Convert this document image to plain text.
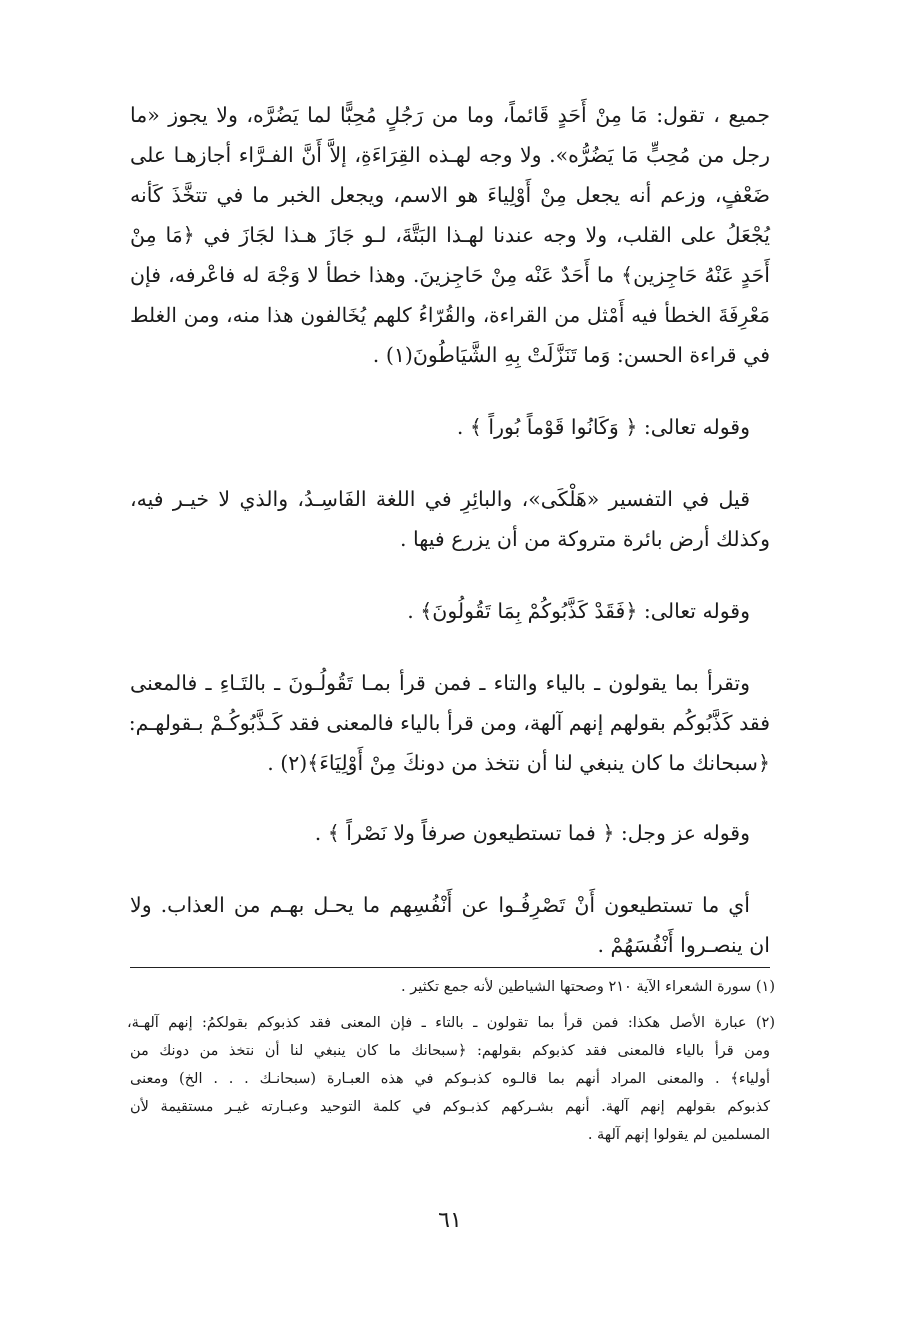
جميع ، تقول: مَا مِنْ أَحَدٍ قَائماً، وما من رَجُلٍ مُحِبًّا لما يَضُرَّه، ولا يجوز «ما
رجل من مُحِبٍّ مَا يَضُرُّه». ولا وجه لهـذه القِرَاءَةِ، إلاَّ أَنَّ الفـرَّاء أجازهـا على
ضَعْفٍ، وزعم أنه يجعل مِنْ أَوْلِياءَ هو الاسم، ويجعل الخبر ما في تتخَّذَ كَأنه
يُجْعَلُ على القلب، ولا وجه عندنا لهـذا البَتَّةَ، لـو جَازَ هـذا لجَازَ في ﴿مَا مِنْ
أَحَدٍ عَنْهُ حَاجِزين﴾ ما أَحَدٌ عَنْه مِنْ حَاجِزينَ. وهذا خطأ لا وَجْهَ له فاعْرفه، فإن
مَعْرِفَةَ الخطأ فيه أَمْثل من القراءة، والقُرّاءُ كلهم يُخَالفون هذا منه، ومن الغلط
في قراءة الحسن: وَما تَنَزَّلَتْ بِهِ الشَّيَاطُونَ(١) .
وقوله تعالى: ﴿ وَكَانُوا قَوْماً بُوراً ﴾ .
قيل في التفسير «هَلْكَى»، والبائِرِ في اللغة الفَاسِـدُ، والذي لا خيـر فيه،
وكذلك أرض بائرة متروكة من أن يزرع فيها .
وقوله تعالى: ﴿فَقَدْ كَذَّبُوكُمْ بِمَا تَقُولُونَ﴾ .
وتقرأ بما يقولون ـ بالياء والتاء ـ فمن قرأ بمـا تَقُولُـونَ ـ بالتَـاءِ ـ فالمعنى
فقد كَذَّبُوكُم بقولهم إنهم آلهة، ومن قرأ بالياء فالمعنى فقد كَـذَّبُوكُـمْ بـقولهـم:
﴿سبحانك ما كان ينبغي لنا أن نتخذ من دونكَ مِنْ أَوْلِيَاءَ﴾(٢) .
وقوله عز وجل: ﴿ فما تستطيعون صرفاً ولا نَصْراً ﴾ .
أي ما تستطيعون أَنْ تَصْرِفُـوا عن أَنْفُسِهم ما يحـل بهـم من العذاب. ولا
ان ينصـروا أَنْفُسَهُمْ .
(١) سورة الشعراء الآية ٢١٠ وصحتها الشياطين لأنه جمع تكثير .
(٢) عبارة الأصل هكذا: فمن قرأ بما تقولون ـ بالتاء ـ فإن المعنى فقد كذبوكم بقولكمُ: إنهم آلهـة،
ومن قرأ بالياء فالمعنى فقد كذبوكم بقولهم: ﴿سبحانك ما كان ينبغي لنا أن نتخذ من دونك من
أولياء﴾ . والمعنى المراد أنهم بما قالـوه كذبـوكم في هذه العبـارة (سبحانـك . . . الخ) ومعنى
كذبوكم بقولهم إنهم آلهة. أنهم بشـركهم كذبـوكم في كلمة التوحيد وعبـارته غيـر مستقيمة لأن
المسلمين لم يقولوا إنهم آلهة .
٦١
